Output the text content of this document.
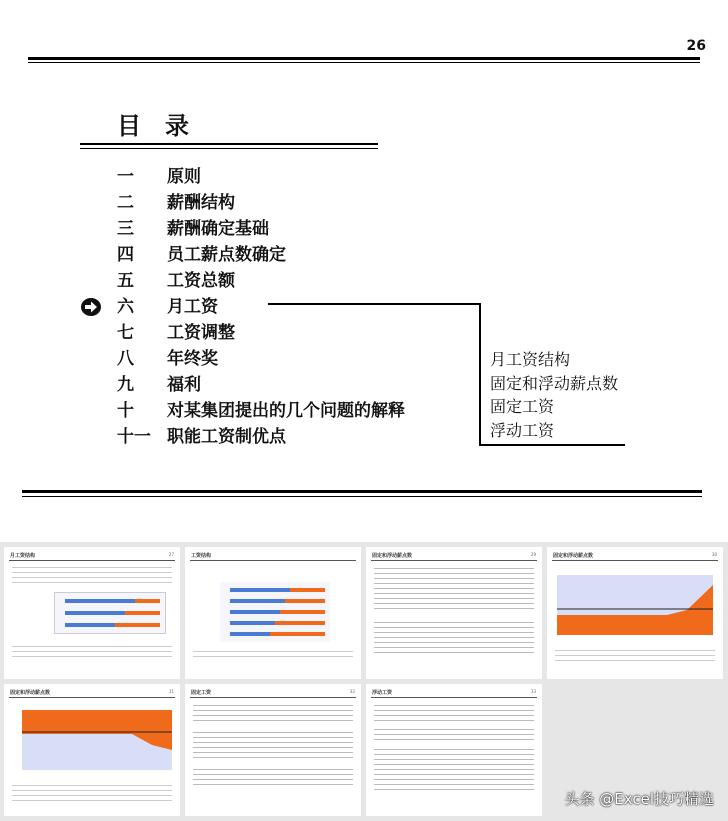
26
目录
一 原则
二 薪酬结构
三 薪酬确定基础
四 员工薪点数确定
五 工资总额
六 月工资
七 工资调整
八 年终奖
九 福利
十 对某集团提出的几个问题的解释
十一 职能工资制优点
月工资结构
固定和浮动薪点数
固定工资
浮动工资
月工资结构	27	工资结构	固定和浮动薪点数	29	固定和浮动薪点数	30
固定和浮动薪点数	31	固定工资	32	浮动工资	33
头条 @Excel技巧精选
